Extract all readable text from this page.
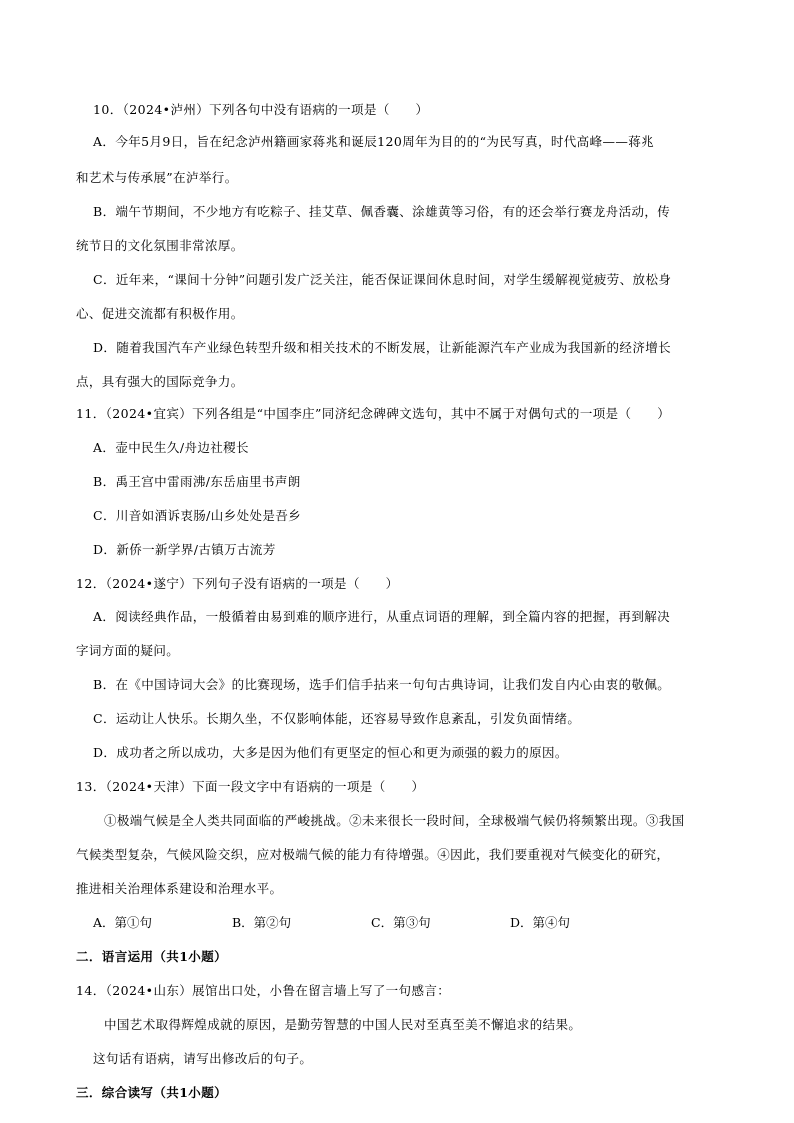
10．（2024•泸州）下列各句中没有语病的一项是（　　）
A．今年5月9日，旨在纪念泸州籍画家蒋兆和诞辰120周年为目的的“为民写真，时代高峰——蒋兆
和艺术与传承展”在泸举行。
B．端午节期间，不少地方有吃粽子、挂艾草、佩香囊、涂雄黄等习俗，有的还会举行赛龙舟活动，传
统节日的文化氛围非常浓厚。
C．近年来，“课间十分钟”问题引发广泛关注，能否保证课间休息时间，对学生缓解视觉疲劳、放松身
心、促进交流都有积极作用。
D．随着我国汽车产业绿色转型升级和相关技术的不断发展，让新能源汽车产业成为我国新的经济增长
点，具有强大的国际竞争力。
11．（2024•宜宾）下列各组是“中国李庄”同济纪念碑碑文选句，其中不属于对偶句式的一项是（　　）
A．壶中民生久/舟边社稷长
B．禹王宫中雷雨沸/东岳庙里书声朗
C．川音如酒诉衷肠/山乡处处是吾乡
D．新侨一新学界/古镇万古流芳
12．（2024•遂宁）下列句子没有语病的一项是（　　）
A．阅读经典作品，一般循着由易到难的顺序进行，从重点词语的理解，到全篇内容的把握，再到解决
字词方面的疑问。
B．在《中国诗词大会》的比赛现场，选手们信手拈来一句句古典诗词，让我们发自内心由衷的敬佩。
C．运动让人快乐。长期久坐，不仅影响体能，还容易导致作息紊乱，引发负面情绪。
D．成功者之所以成功，大多是因为他们有更坚定的恒心和更为顽强的毅力的原因。
13．（2024•天津）下面一段文字中有语病的一项是（　　）
①极端气候是全人类共同面临的严峻挑战。②未来很长一段时间，全球极端气候仍将频繁出现。③我国
气候类型复杂，气候风险交织，应对极端气候的能力有待增强。④因此，我们要重视对气候变化的研究，
推进相关治理体系建设和治理水平。
A．第①句	B．第②句	C．第③句	D．第④句
二．语言运用（共1小题）
14．（2024•山东）展馆出口处，小鲁在留言墙上写了一句感言：
中国艺术取得辉煌成就的原因，是勤劳智慧的中国人民对至真至美不懈追求的结果。
这句话有语病，请写出修改后的句子。
三．综合读写（共1小题）
